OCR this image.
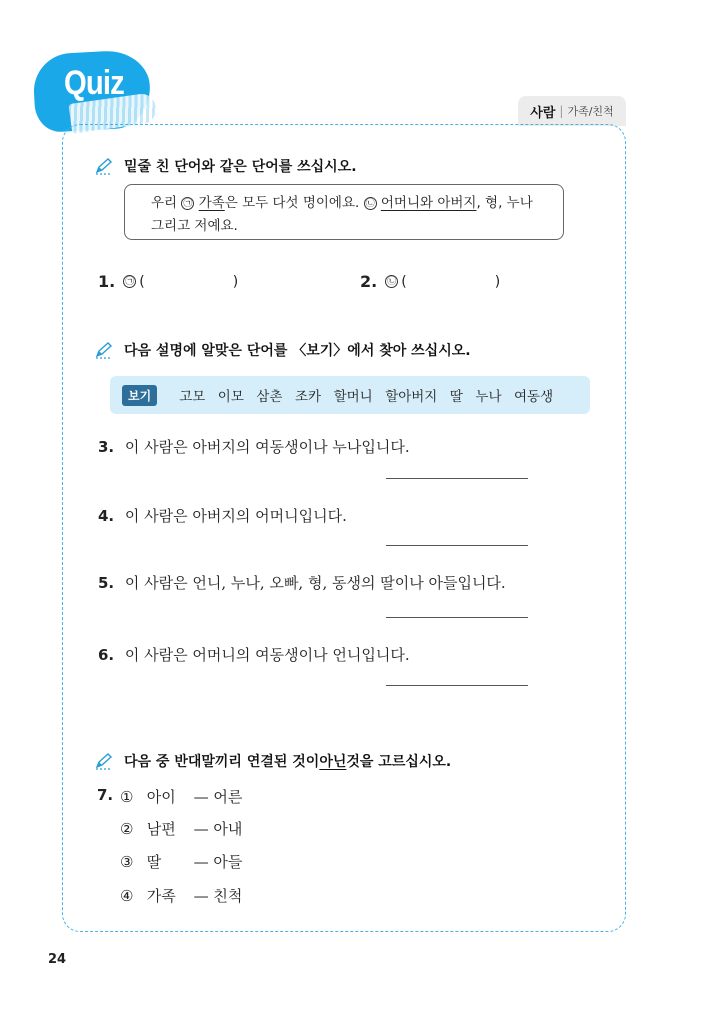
Quiz
사람 | 가족/친척
밑줄 친 단어와 같은 단어를 쓰십시오.
우리 ㉠ 가족은 모두 다섯 명이에요. ㉡ 어머니와 아버지, 형, 누나
그리고 저예요.
1. ㉠ (	)	2. ㉡ (	)
다음 설명에 알맞은 단어를 〈보기〉에서 찾아 쓰십시오.
보기	고모 이모 삼촌 조카 할머니 할아버지 딸 누나 여동생
3. 이 사람은 아버지의 여동생이나 누나입니다.
4. 이 사람은 아버지의 어머니입니다.
5. 이 사람은 언니, 누나, 오빠, 형, 동생의 딸이나 아들입니다.
6. 이 사람은 어머니의 여동생이나 언니입니다.
다음 중 반대말끼리 연결된 것이 아닌 것을 고르십시오.
7. ① 아이 — 어른
② 남편 — 아내
③ 딸 — 아들
④ 가족 — 친척
24
